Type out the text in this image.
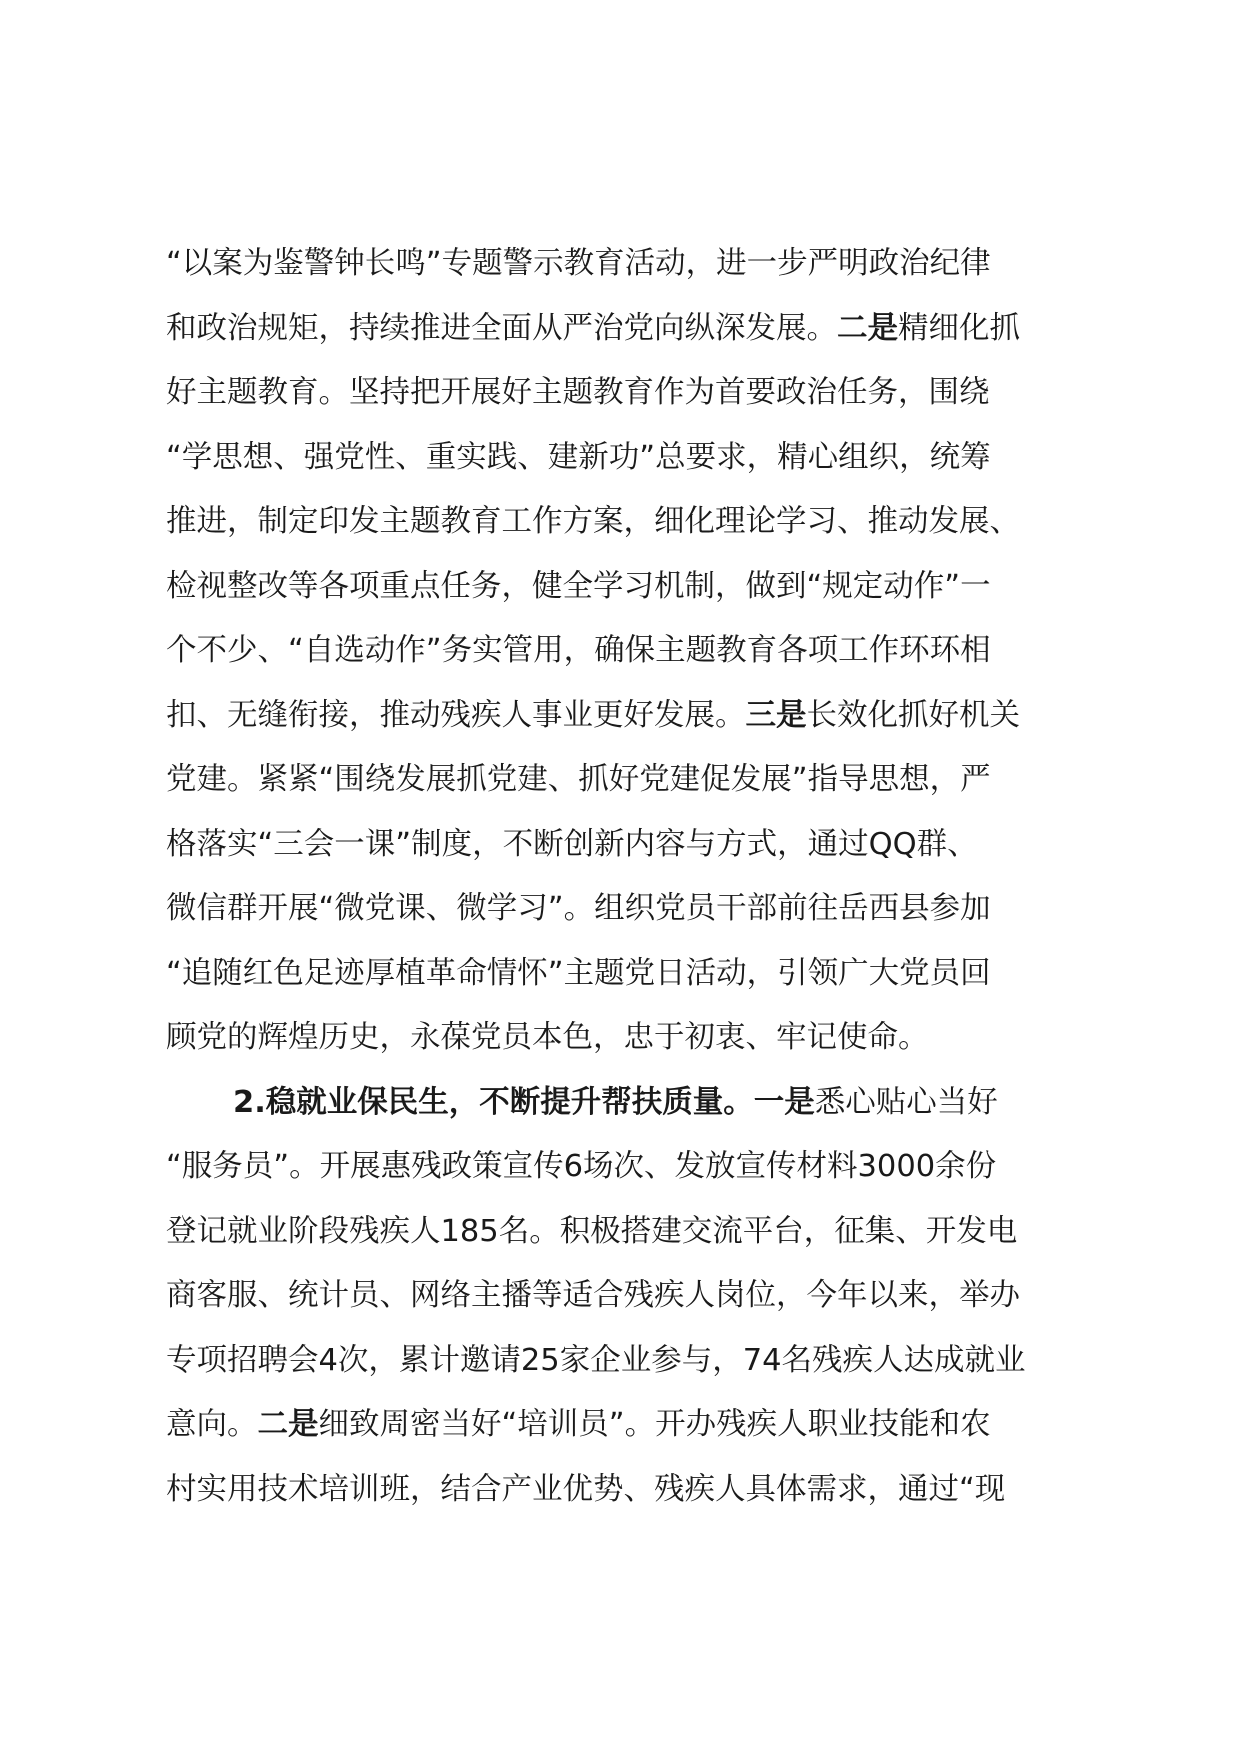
“以案为鉴警钟长鸣”专题警示教育活动，进一步严明政治纪律
和政治规矩，持续推进全面从严治党向纵深发展。二是精细化抓
好主题教育。坚持把开展好主题教育作为首要政治任务，围绕
“学思想、强党性、重实践、建新功”总要求，精心组织，统筹
推进，制定印发主题教育工作方案，细化理论学习、推动发展、
检视整改等各项重点任务，健全学习机制，做到“规定动作”一
个不少、“自选动作”务实管用，确保主题教育各项工作环环相
扣、无缝衔接，推动残疾人事业更好发展。三是长效化抓好机关
党建。紧紧“围绕发展抓党建、抓好党建促发展”指导思想，严
格落实“三会一课”制度，不断创新内容与方式，通过QQ群、
微信群开展“微党课、微学习”。组织党员干部前往岳西县参加
“追随红色足迹厚植革命情怀”主题党日活动，引领广大党员回
顾党的辉煌历史，永葆党员本色，忠于初衷、牢记使命。
2.稳就业保民生，不断提升帮扶质量。一是悉心贴心当好
“服务员”。开展惠残政策宣传6场次、发放宣传材料3000余份
登记就业阶段残疾人185名。积极搭建交流平台，征集、开发电
商客服、统计员、网络主播等适合残疾人岗位，今年以来，举办
专项招聘会4次，累计邀请25家企业参与，74名残疾人达成就业
意向。二是细致周密当好“培训员”。开办残疾人职业技能和农
村实用技术培训班，结合产业优势、残疾人具体需求，通过“现
